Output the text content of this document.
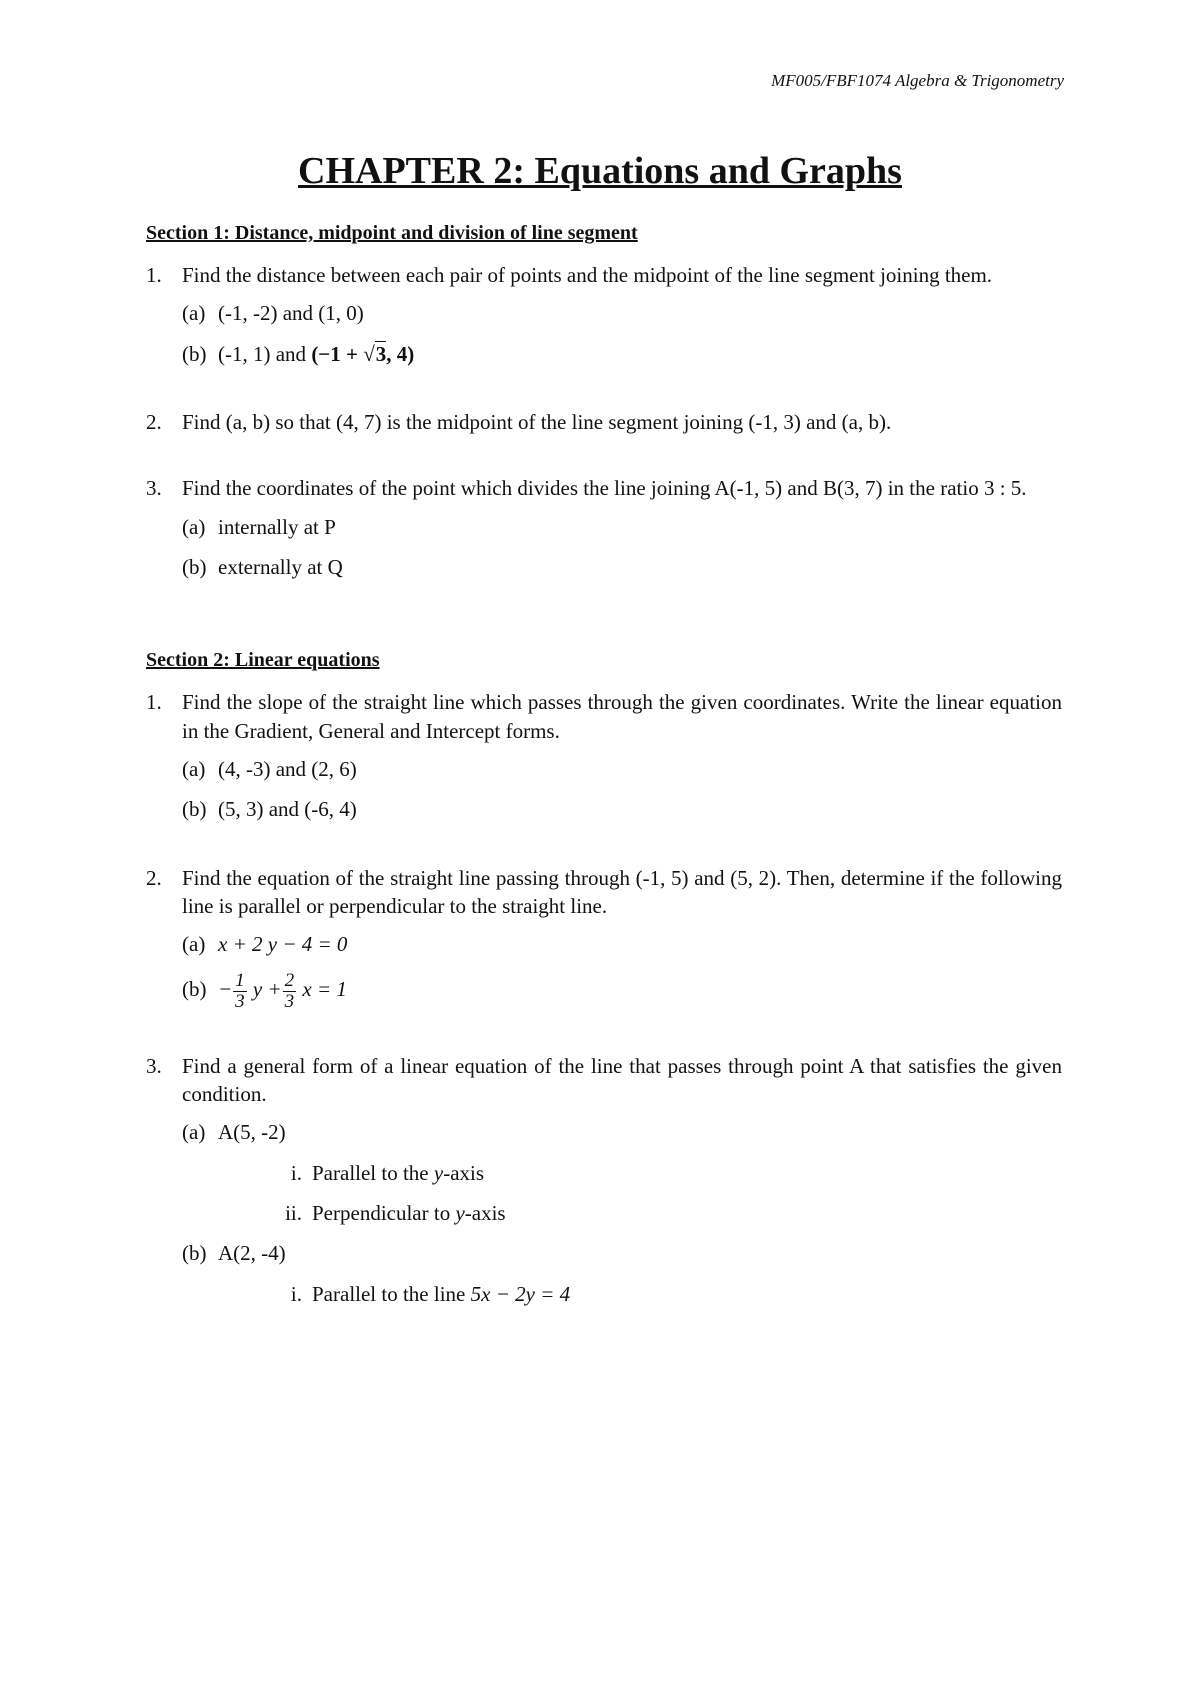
MF005/FBF1074 Algebra & Trigonometry
CHAPTER 2: Equations and Graphs
Section 1: Distance, midpoint and division of line segment
1. Find the distance between each pair of points and the midpoint of the line segment joining them.
(a) (-1, -2) and (1, 0)
(b) (-1, 1) and (−1 + √3, 4)
2. Find (a, b) so that (4, 7) is the midpoint of the line segment joining (-1, 3) and (a, b).
3. Find the coordinates of the point which divides the line joining A(-1, 5) and B(3, 7) in the ratio 3 : 5.
(a) internally at P
(b) externally at Q
Section 2: Linear equations
1. Find the slope of the straight line which passes through the given coordinates. Write the linear equation in the Gradient, General and Intercept forms.
(a) (4, -3) and (2, 6)
(b) (5, 3) and (-6, 4)
2. Find the equation of the straight line passing through (-1, 5) and (5, 2). Then, determine if the following line is parallel or perpendicular to the straight line.
(a) x + 2 y − 4 = 0
$(b) - \frac{1}{3}$ $y + \frac{2}{3}$ x = 1
3. Find a general form of a linear equation of the line that passes through point A that satisfies the given condition.
(a) A(5, -2)
i. Parallel to the y-axis
ii. Perpendicular to y-axis
(b) A(2, -4)
i. Parallel to the line 5x − 2y = 4
